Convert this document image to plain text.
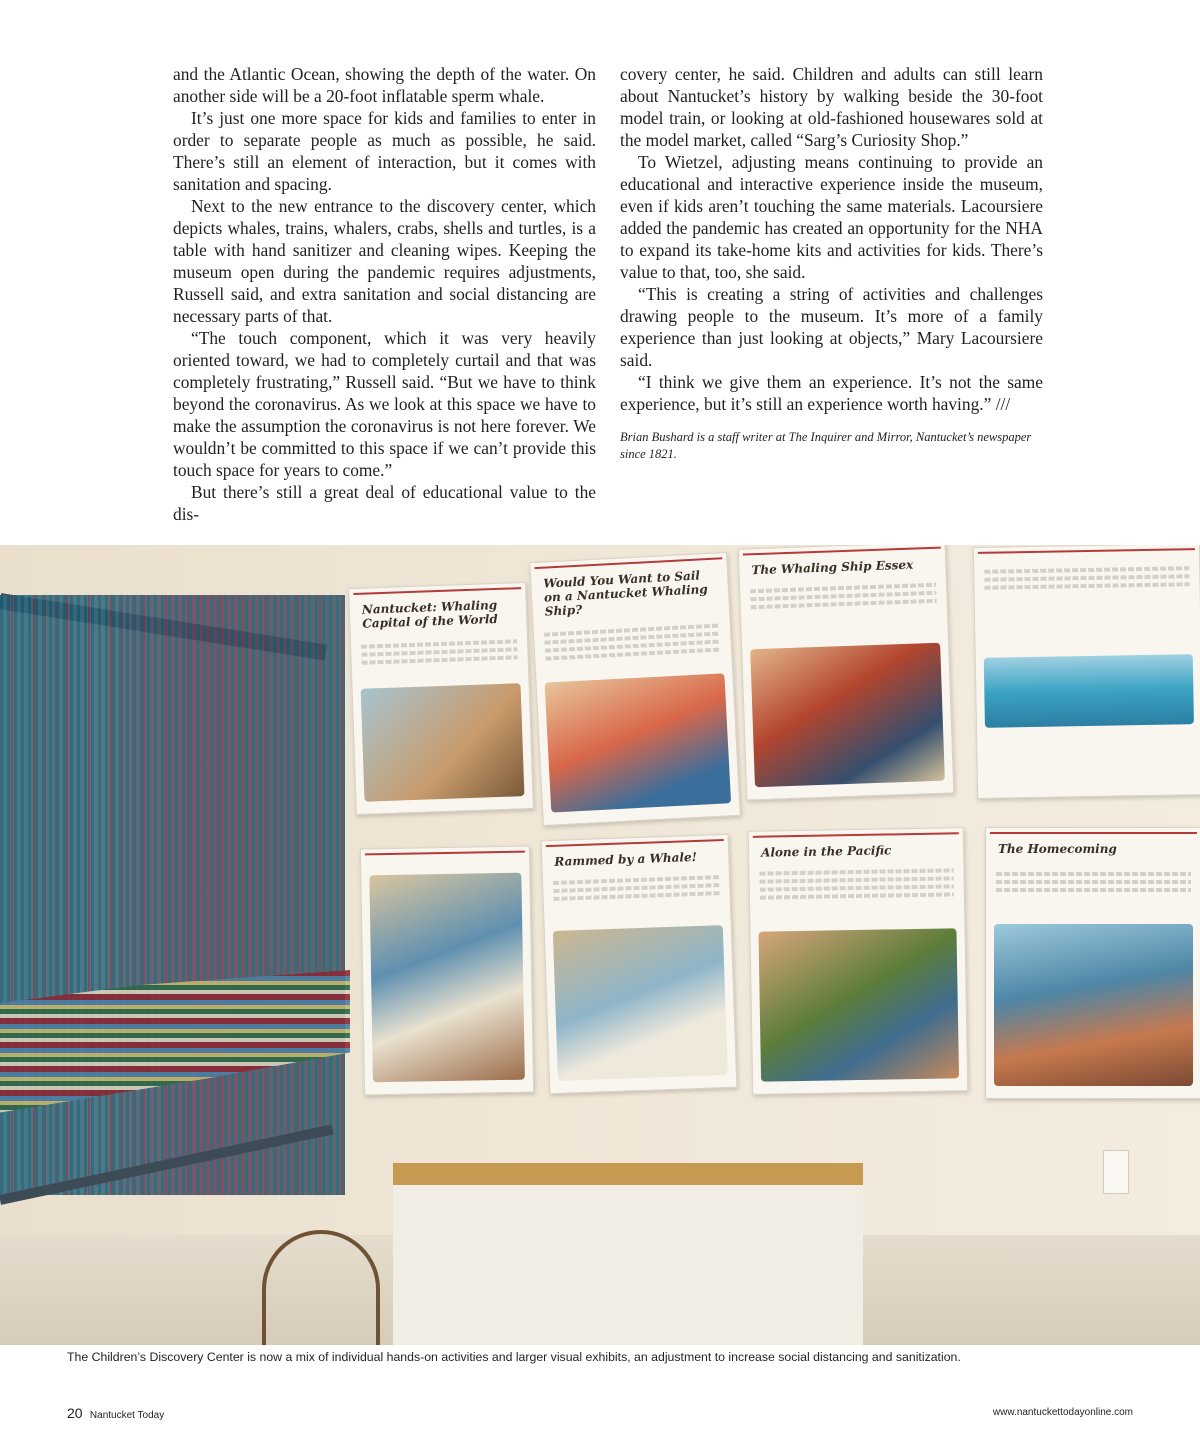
and the Atlantic Ocean, showing the depth of the water. On another side will be a 20-foot inflatable sperm whale.

It’s just one more space for kids and families to enter in order to separate people as much as possible, he said. There’s still an element of interaction, but it comes with sanitation and spacing.

Next to the new entrance to the discovery center, which depicts whales, trains, whalers, crabs, shells and turtles, is a table with hand sanitizer and cleaning wipes. Keeping the museum open during the pandemic requires adjustments, Russell said, and extra sanitation and social distancing are necessary parts of that.

“The touch component, which it was very heavily oriented toward, we had to completely curtail and that was completely frustrating,” Russell said. “But we have to think beyond the coronavirus. As we look at this space we have to make the assumption the coronavirus is not here forever. We wouldn’t be committed to this space if we can’t provide this touch space for years to come.”

But there’s still a great deal of educational value to the dis-

covery center, he said. Children and adults can still learn about Nantucket’s history by walking beside the 30-foot model train, or looking at old-fashioned housewares sold at the model market, called “Sarg’s Curiosity Shop.”

To Wietzel, adjusting means continuing to provide an educational and interactive experience inside the museum, even if kids aren’t touching the same materials. Lacoursiere added the pandemic has created an opportunity for the NHA to expand its take-home kits and activities for kids. There’s value to that, too, she said.

“This is creating a string of activities and challenges drawing people to the museum. It’s more of a family experience than just looking at objects,” Mary Lacoursiere said.

“I think we give them an experience. It’s not the same experience, but it’s still an experience worth having.” ///

Brian Bushard is a staff writer at The Inquirer and Mirror, Nantucket’s newspaper since 1821.

Nantucket: Whaling Capital of the World
Would You Want to Sail on a Nantucket Whaling Ship?
The Whaling Ship Essex
Rammed by a Whale!	Alone in the Pacific	The Homecoming
The Children’s Discovery Center is now a mix of individual hands-on activities and larger visual exhibits, an adjustment to increase social distancing and sanitization.
20 Nantucket Today	www.nantuckettodayonline.com
